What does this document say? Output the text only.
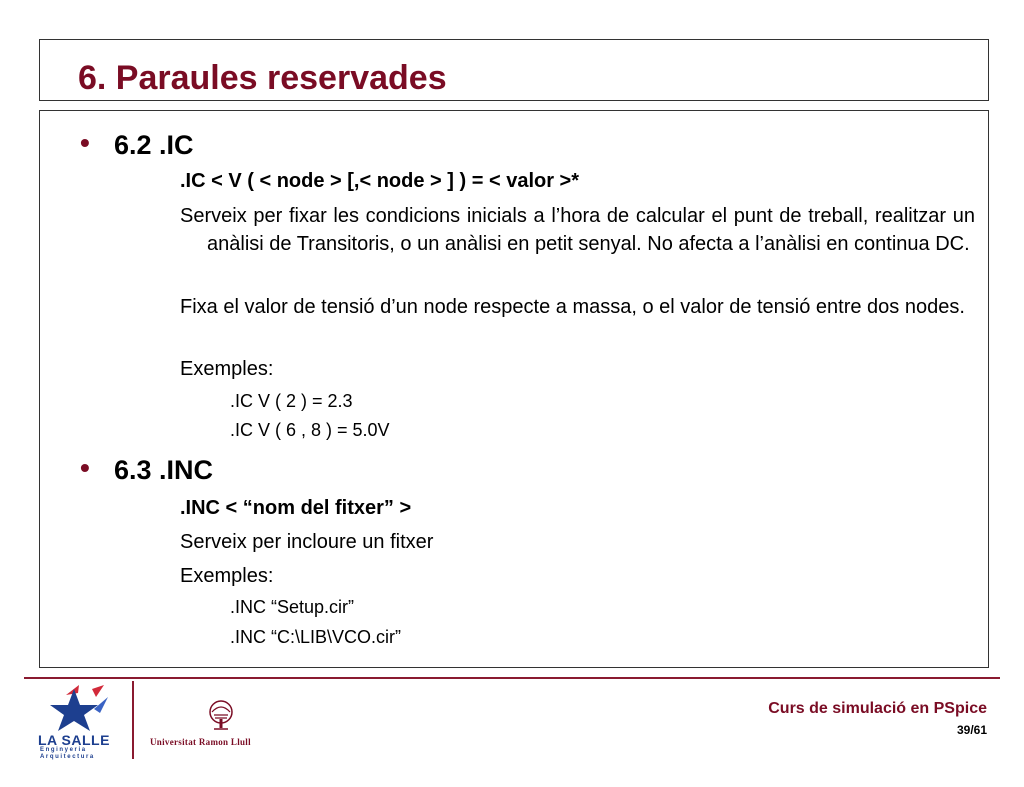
6. Paraules reservades
• 6.2 .IC
.IC < V ( < node > [,< node > ] ) = < valor >*
Serveix per fixar les condicions inicials a l’hora de calcular el punt de treball, realitzar un anàlisi de Transitoris, o un anàlisi en petit senyal. No afecta a l’anàlisi en continua DC.
Fixa el valor de tensió d’un node respecte a massa, o el valor de tensió entre dos nodes.
Exemples:
.IC V ( 2 ) = 2.3
.IC V ( 6 , 8 ) = 5.0V
• 6.3 .INC
.INC < “nom del fitxer” >
Serveix per incloure un fitxer
Exemples:
.INC “Setup.cir”
.INC “C:\LIB\VCO.cir”
LA SALLE
Enginyeria
Arquitectura
Universitat Ramon Llull
Curs de simulació en PSpice
39/61
